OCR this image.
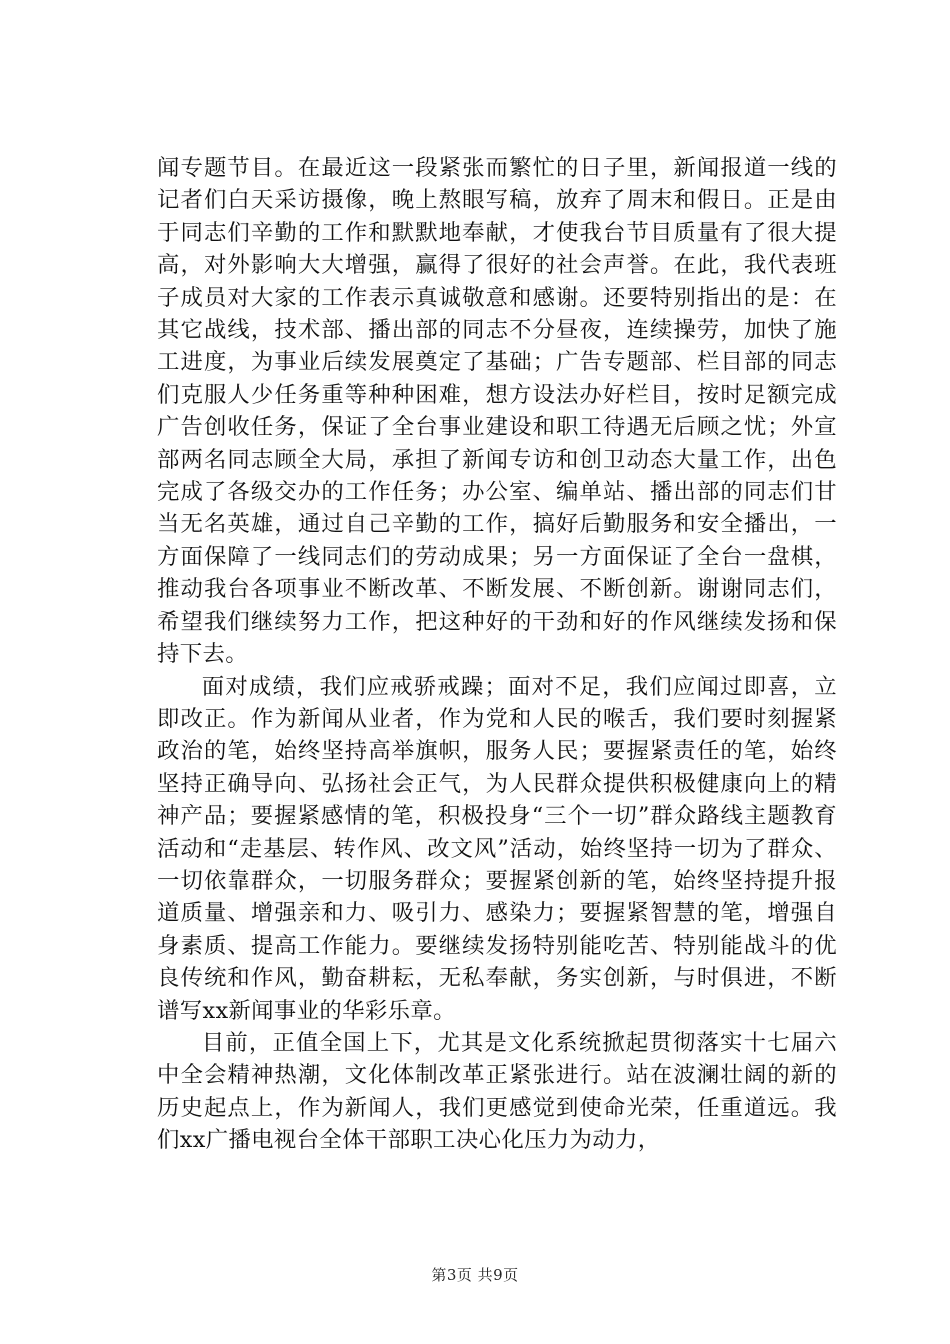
闻专题节目。在最近这一段紧张而繁忙的日子里，新闻报道一线的记者们白天采访摄像，晚上熬眼写稿，放弃了周末和假日。正是由于同志们辛勤的工作和默默地奉献，才使我台节目质量有了很大提高，对外影响大大增强，赢得了很好的社会声誉。在此，我代表班子成员对大家的工作表示真诚敬意和感谢。还要特别指出的是：在其它战线，技术部、播出部的同志不分昼夜，连续操劳，加快了施工进度，为事业后续发展奠定了基础；广告专题部、栏目部的同志们克服人少任务重等种种困难，想方设法办好栏目，按时足额完成广告创收任务，保证了全台事业建设和职工待遇无后顾之忧；外宣部两名同志顾全大局，承担了新闻专访和创卫动态大量工作，出色完成了各级交办的工作任务；办公室、编单站、播出部的同志们甘当无名英雄，通过自己辛勤的工作，搞好后勤服务和安全播出，一方面保障了一线同志们的劳动成果；另一方面保证了全台一盘棋，推动我台各项事业不断改革、不断发展、不断创新。谢谢同志们，希望我们继续努力工作，把这种好的干劲和好的作风继续发扬和保持下去。

面对成绩，我们应戒骄戒躁；面对不足，我们应闻过即喜，立即改正。作为新闻从业者，作为党和人民的喉舌，我们要时刻握紧政治的笔，始终坚持高举旗帜，服务人民；要握紧责任的笔，始终坚持正确导向、弘扬社会正气，为人民群众提供积极健康向上的精神产品；要握紧感情的笔，积极投身“三个一切”群众路线主题教育活动和“走基层、转作风、改文风”活动，始终坚持一切为了群众、一切依靠群众，一切服务群众；要握紧创新的笔，始终坚持提升报道质量、增强亲和力、吸引力、感染力；要握紧智慧的笔，增强自身素质、提高工作能力。要继续发扬特别能吃苦、特别能战斗的优良传统和作风，勤奋耕耘，无私奉献，务实创新，与时俱进，不断谱写xx新闻事业的华彩乐章。

目前，正值全国上下，尤其是文化系统掀起贯彻落实十七届六中全会精神热潮，文化体制改革正紧张进行。站在波澜壮阔的新的历史起点上，作为新闻人，我们更感觉到使命光荣，任重道远。我们xx广播电视台全体干部职工决心化压力为动力，

第3页 共9页
